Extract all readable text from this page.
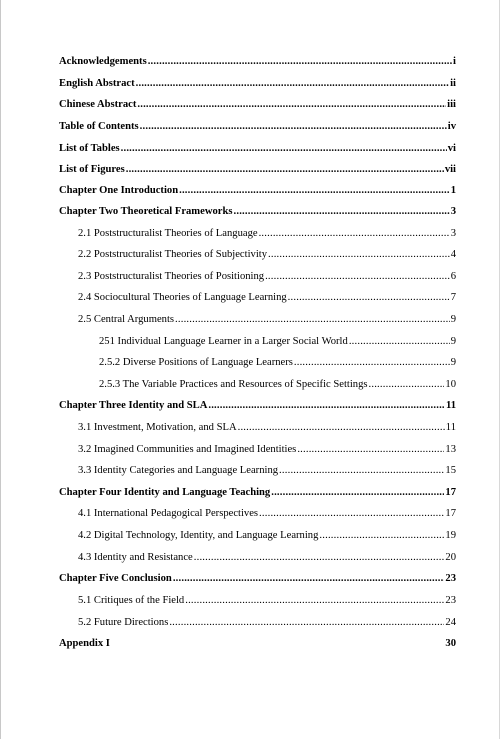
Acknowledgements .....	i
English Abstract .....	ii
Chinese Abstract .....	iii
Table of Contents .....	iv
List of Tables .....	vi
List of Figures .....	vii
Chapter One Introduction .....	1
Chapter Two Theoretical Frameworks .....	3
2.1 Poststructuralist Theories of Language .....	3
2.2 Poststructuralist Theories of Subjectivity .....	4
2.3 Poststructuralist Theories of Positioning .....	6
2.4 Sociocultural Theories of Language Learning .....	7
2.5 Central Arguments .....	9
251 Individual Language Learner in a Larger Social World .....	9
2.5.2 Diverse Positions of Language Learners .....	9
2.5.3 The Variable Practices and Resources of Specific Settings .....	10
Chapter Three Identity and SLA .....	11
3.1 Investment, Motivation, and SLA .....	11
3.2 Imagined Communities and Imagined Identities .....	13
3.3 Identity Categories and Language Learning .....	15
Chapter Four Identity and Language Teaching .....	17
4.1 International Pedagogical Perspectives .....	17
4.2 Digital Technology, Identity, and Language Learning .....	19
4.3 Identity and Resistance .....	20
Chapter Five Conclusion .....	23
5.1 Critiques of the Field .....	23
5.2 Future Directions .....	24
Appendix I	30
